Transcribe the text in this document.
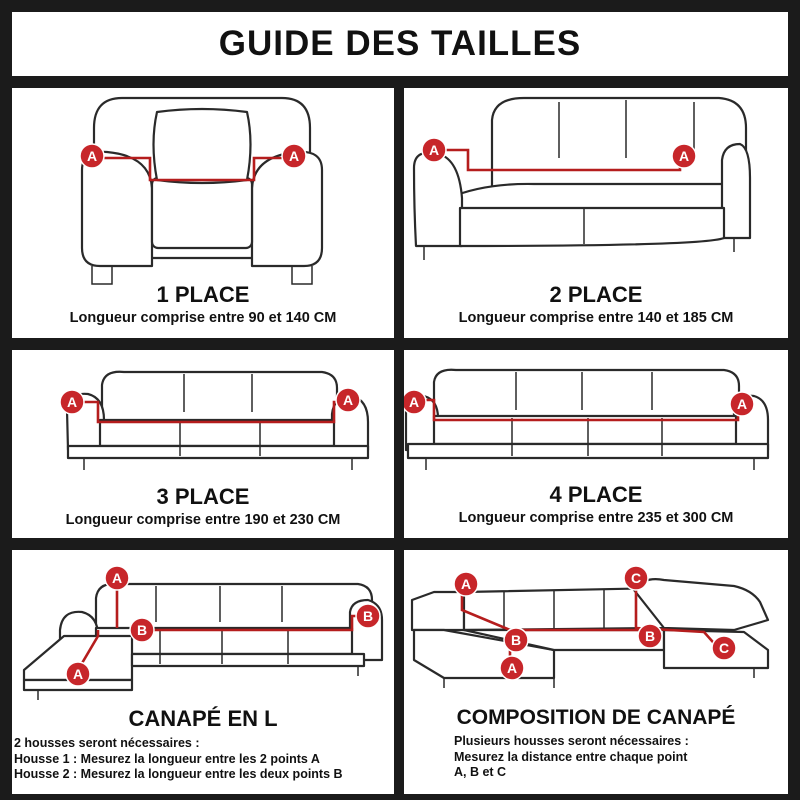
GUIDE DES TAILLES
A	A
1 PLACE
Longueur comprise entre 90 et 140 CM
A	A
2 PLACE
Longueur comprise entre 140 et 185 CM
A	A
3 PLACE
Longueur comprise entre 190 et 230 CM
A	A
4 PLACE
Longueur comprise entre 235 et 300 CM
A
B
A
B
CANAPÉ EN L
2 housses seront nécessaires :
Housse 1 : Mesurez la longueur entre les 2 points A
Housse 2 : Mesurez la longueur entre les deux points B
A	C
B	B
A
C
COMPOSITION DE CANAPÉ
Plusieurs housses seront nécessaires :
Mesurez la distance entre chaque point
A, B et C
